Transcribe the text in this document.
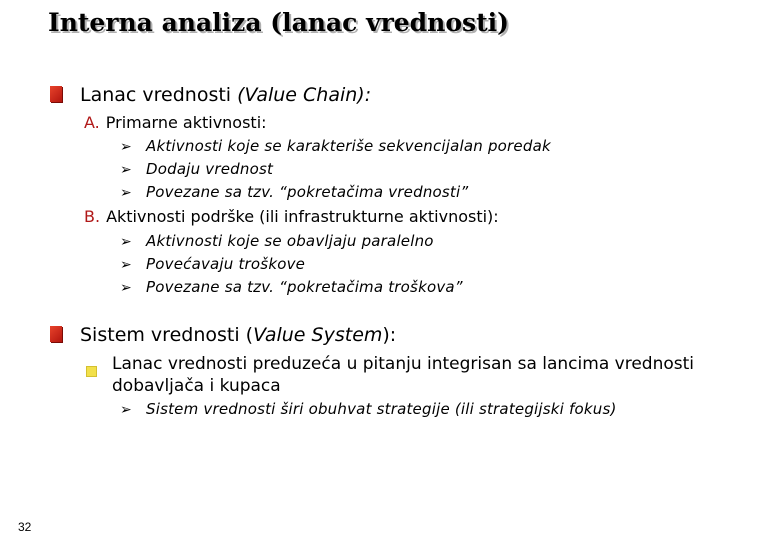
Interna analiza (lanac vrednosti)
Lanac vrednosti (Value Chain):
A. Primarne aktivnosti:
➢ Aktivnosti koje se karakteriše sekvencijalan poredak
➢ Dodaju vrednost
➢ Povezane sa tzv. “pokretačima vrednosti”
B. Aktivnosti podrške (ili infrastrukturne aktivnosti):
➢ Aktivnosti koje se obavljaju paralelno
➢ Povećavaju troškove
➢ Povezane sa tzv. “pokretačima troškova”
Sistem vrednosti (Value System):
Lanac vrednosti preduzeća u pitanju integrisan sa lancima vrednosti dobavljača i kupaca
➢ Sistem vrednosti širi obuhvat strategije (ili strategijski fokus)
32
